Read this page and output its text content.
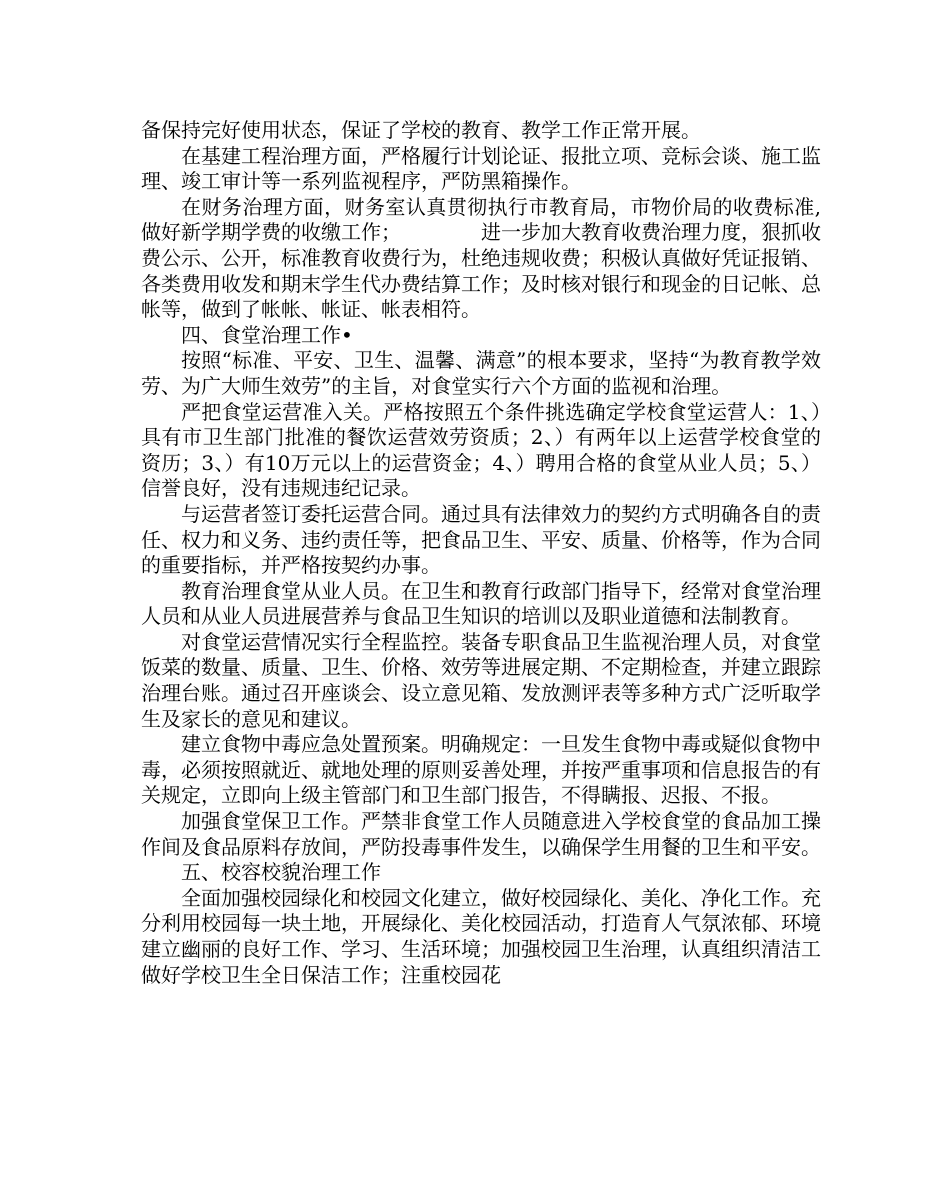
备保持完好使用状态，保证了学校的教育、教学工作正常开展。

在基建工程治理方面，严格履行计划论证、报批立项、竞标会谈、施工监理、竣工审计等一系列监视程序，严防黑箱操作。

在财务治理方面，财务室认真贯彻执行市教育局，市物价局的收费标准,做好新学期学费的收缴工作；	进一步加大教育收费治理力度，狠抓收费公示、公开，标准教育收费行为，杜绝违规收费；积极认真做好凭证报销、各类费用收发和期末学生代办费结算工作；及时核对银行和现金的日记帐、总帐等，做到了帐帐、帐证、帐表相符。

四、食堂治理工作•

按照“标准、平安、卫生、温馨、满意”的根本要求，坚持“为教育教学效劳、为广大师生效劳”的主旨，对食堂实行六个方面的监视和治理。

严把食堂运营准入关。严格按照五个条件挑选确定学校食堂运营人：1、）具有市卫生部门批准的餐饮运营效劳资质；2、）有两年以上运营学校食堂的资历；3、）有10万元以上的运营资金；4、）聘用合格的食堂从业人员；5、）信誉良好，没有违规违纪记录。

与运营者签订委托运营合同。通过具有法律效力的契约方式明确各自的责任、权力和义务、违约责任等，把食品卫生、平安、质量、价格等，作为合同的重要指标，并严格按契约办事。

教育治理食堂从业人员。在卫生和教育行政部门指导下，经常对食堂治理人员和从业人员进展营养与食品卫生知识的培训以及职业道德和法制教育。

对食堂运营情况实行全程监控。装备专职食品卫生监视治理人员，对食堂饭菜的数量、质量、卫生、价格、效劳等进展定期、不定期检查，并建立跟踪治理台账。通过召开座谈会、设立意见箱、发放测评表等多种方式广泛听取学生及家长的意见和建议。

建立食物中毒应急处置预案。明确规定：一旦发生食物中毒或疑似食物中毒，必须按照就近、就地处理的原则妥善处理，并按严重事项和信息报告的有关规定，立即向上级主管部门和卫生部门报告，不得瞒报、迟报、不报。

加强食堂保卫工作。严禁非食堂工作人员随意进入学校食堂的食品加工操作间及食品原料存放间，严防投毒事件发生，以确保学生用餐的卫生和平安。

五、校容校貌治理工作

全面加强校园绿化和校园文化建立，做好校园绿化、美化、净化工作。充分利用校园每一块土地，开展绿化、美化校园活动，打造育人气氛浓郁、环境建立幽丽的良好工作、学习、生活环境；加强校园卫生治理，认真组织清洁工做好学校卫生全日保洁工作；注重校园花
